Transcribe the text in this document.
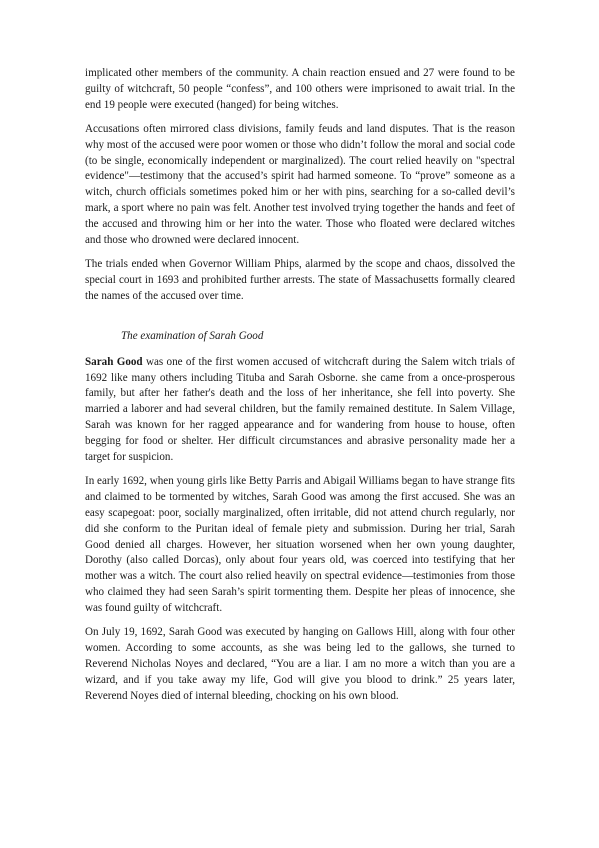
implicated other members of the community. A chain reaction ensued and 27 were found to be guilty of witchcraft, 50 people “confess”, and 100 others were imprisoned to await trial. In the end 19 people were executed (hanged) for being witches.

Accusations often mirrored class divisions, family feuds and land disputes. That is the reason why most of the accused were poor women or those who didn’t follow the moral and social code (to be single, economically independent or marginalized). The court relied heavily on "spectral evidence"—testimony that the accused’s spirit had harmed someone. To “prove” someone as a witch, church officials sometimes poked him or her with pins, searching for a so-called devil’s mark, a sport where no pain was felt. Another test involved trying together the hands and feet of the accused and throwing him or her into the water. Those who floated were declared witches and those who drowned were declared innocent.

The trials ended when Governor William Phips, alarmed by the scope and chaos, dissolved the special court in 1693 and prohibited further arrests. The state of Massachusetts formally cleared the names of the accused over time.

The examination of Sarah Good

Sarah Good was one of the first women accused of witchcraft during the Salem witch trials of 1692 like many others including Tituba and Sarah Osborne. she came from a once-prosperous family, but after her father's death and the loss of her inheritance, she fell into poverty. She married a laborer and had several children, but the family remained destitute. In Salem Village, Sarah was known for her ragged appearance and for wandering from house to house, often begging for food or shelter. Her difficult circumstances and abrasive personality made her a target for suspicion.

In early 1692, when young girls like Betty Parris and Abigail Williams began to have strange fits and claimed to be tormented by witches, Sarah Good was among the first accused. She was an easy scapegoat: poor, socially marginalized, often irritable, did not attend church regularly, nor did she conform to the Puritan ideal of female piety and submission. During her trial, Sarah Good denied all charges. However, her situation worsened when her own young daughter, Dorothy (also called Dorcas), only about four years old, was coerced into testifying that her mother was a witch. The court also relied heavily on spectral evidence—testimonies from those who claimed they had seen Sarah’s spirit tormenting them. Despite her pleas of innocence, she was found guilty of witchcraft.

On July 19, 1692, Sarah Good was executed by hanging on Gallows Hill, along with four other women. According to some accounts, as she was being led to the gallows, she turned to Reverend Nicholas Noyes and declared, “You are a liar. I am no more a witch than you are a wizard, and if you take away my life, God will give you blood to drink.” 25 years later, Reverend Noyes died of internal bleeding, chocking on his own blood.
